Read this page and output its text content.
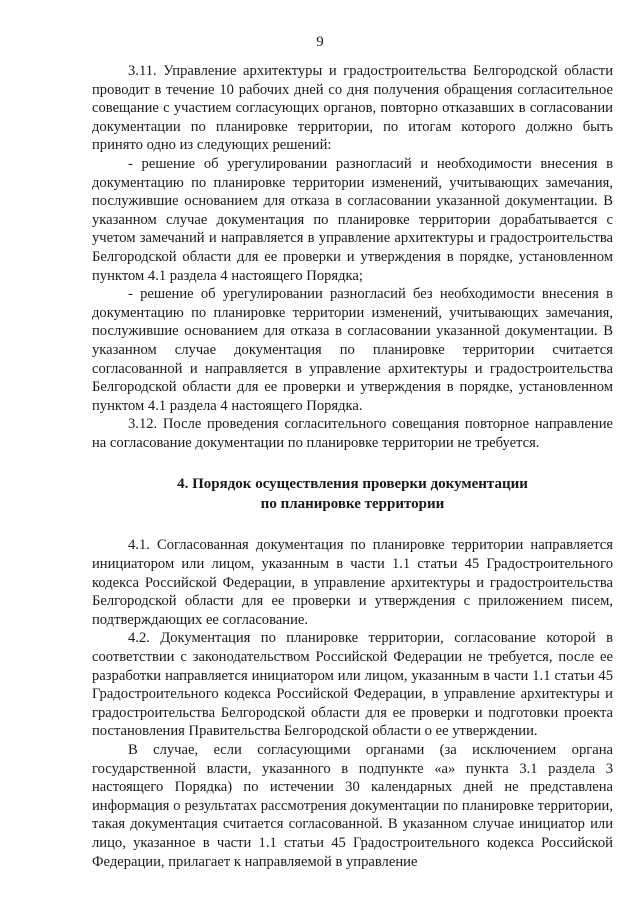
9

3.11. Управление архитектуры и градостроительства Белгородской области проводит в течение 10 рабочих дней со дня получения обращения согласительное совещание с участием согласующих органов, повторно отказавших в согласовании документации по планировке территории, по итогам которого должно быть принято одно из следующих решений:

- решение об урегулировании разногласий и необходимости внесения в документацию по планировке территории изменений, учитывающих замечания, послужившие основанием для отказа в согласовании указанной документации. В указанном случае документация по планировке территории дорабатывается с учетом замечаний и направляется в управление архитектуры и градостроительства Белгородской области для ее проверки и утверждения в порядке, установленном пунктом 4.1 раздела 4 настоящего Порядка;

- решение об урегулировании разногласий без необходимости внесения в документацию по планировке территории изменений, учитывающих замечания, послужившие основанием для отказа в согласовании указанной документации. В указанном случае документация по планировке территории считается согласованной и направляется в управление архитектуры и градостроительства Белгородской области для ее проверки и утверждения в порядке, установленном пунктом 4.1 раздела 4 настоящего Порядка.

3.12. После проведения согласительного совещания повторное направление на согласование документации по планировке территории не требуется.

4. Порядок осуществления проверки документации
по планировке территории

4.1. Согласованная документация по планировке территории направляется инициатором или лицом, указанным в части 1.1 статьи 45 Градостроительного кодекса Российской Федерации, в управление архитектуры и градостроительства Белгородской области для ее проверки и утверждения с приложением писем, подтверждающих ее согласование.

4.2. Документация по планировке территории, согласование которой в соответствии с законодательством Российской Федерации не требуется, после ее разработки направляется инициатором или лицом, указанным в части 1.1 статьи 45 Градостроительного кодекса Российской Федерации, в управление архитектуры и градостроительства Белгородской области для ее проверки и подготовки проекта постановления Правительства Белгородской области о ее утверждении.

В случае, если согласующими органами (за исключением органа государственной власти, указанного в подпункте «а» пункта 3.1 раздела 3 настоящего Порядка) по истечении 30 календарных дней не представлена информация о результатах рассмотрения документации по планировке территории, такая документация считается согласованной. В указанном случае инициатор или лицо, указанное в части 1.1 статьи 45 Градостроительного кодекса Российской Федерации, прилагает к направляемой в управление
